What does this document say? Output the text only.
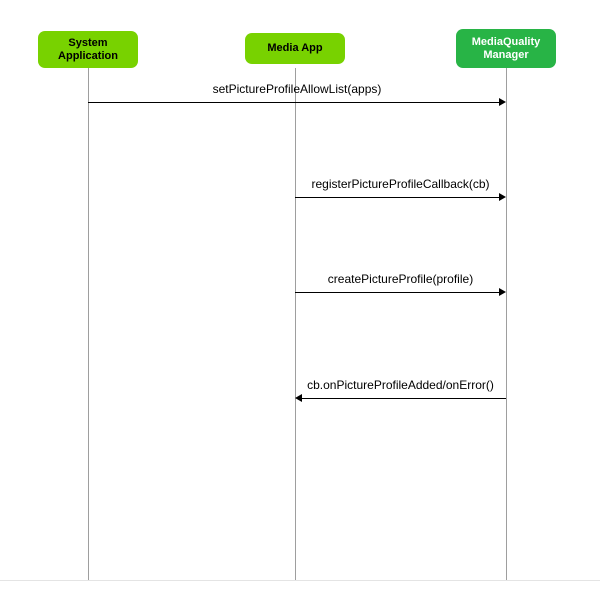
System
Application
Media App
MediaQuality
Manager
setPictureProfileAllowList(apps)
registerPictureProfileCallback(cb)
createPictureProfile(profile)
cb.onPictureProfileAdded/onError()
